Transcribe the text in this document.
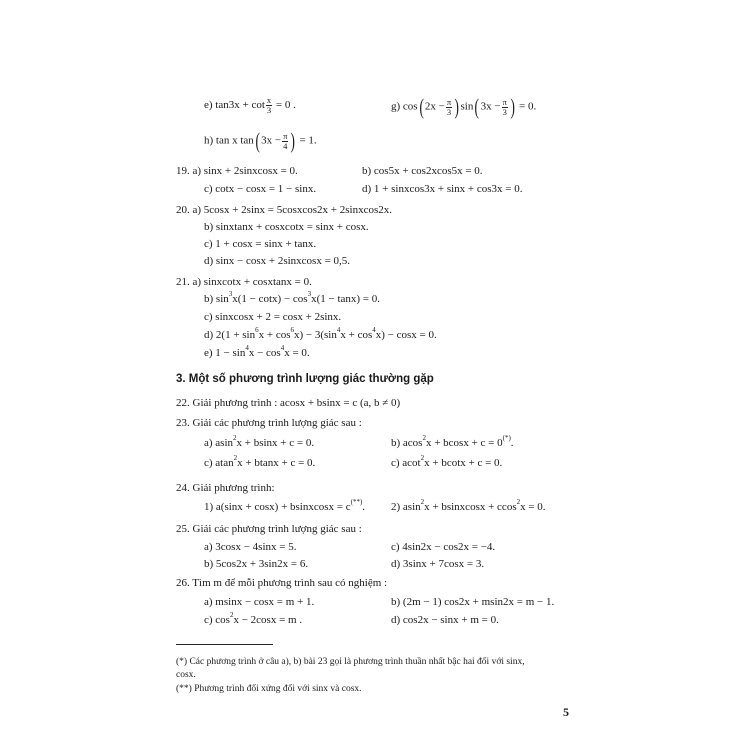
e) $\tan 3x + \cot \frac{x}{3} = 0$ .	g) $\cos(2x - \frac{\pi}{3} )\sin(3x - \frac{\pi}{3}$ ) = 0.
h) tan x $\tan(3x - \frac{\pi}{4}$ ) = 1.
19. a) sinx + 2sinxcosx = 0.	b) cos5x + cos2xcos5x = 0.
c) cotx − cosx = 1 − sinx.	d) 1 + sinxcos3x + sinx + cos3x = 0.
20. a) 5cosx + 2sinx = 5cosxcos2x + 2sinxcos2x.
b) sinxtanx + cosxcotx = sinx + cosx.
c) 1 + cosx = sinx + tanx.
d) sinx − cosx + 2sinxcosx = 0,5.
21. a) sinxcotx + cosxtanx = 0.
b) $\sin^3x(1 - \cot x) - \cos^3x(1 - \tan x) = 0$.
c) sinxcosx + 2 = cosx + 2sinx.
d) $2(1 + \sin^6x + \cos^6x) - 3(\sin^4x + \cos^4x) - \cos x = 0$.
e) $1 - \sin^4x - \cos^4x = 0$.
3. Một số phương trình lượng giác thường gặp
22. Giải phương trình : acosx + bsinx = c (a, b ≠ 0)
23. Giải các phương trình lượng giác sau :
a) asin$^2$x + bsinx + c = 0.	b) acos$^2$x + bcosx + c = 0(*).
c) atan$^2$x + btanx + c = 0.	c) acot$^2$x + bcotx + c = 0.
24. Giải phương trình:
1) a(sinx + cosx) + bsinxcosx = c(**). 2) asin$^2$x + bsinxcosx + ccos$^2$x = 0.
25. Giải các phương trình lượng giác sau :
a) 3cosx − 4sinx = 5.	c) 4sin2x − cos2x = −4.
b) 5cos2x + 3sin2x = 6.	d) 3sinx + 7cosx = 3.
26. Tìm m để mỗi phương trình sau có nghiệm :
a) msinx − cosx = m + 1.	b) (2m − 1) cos2x + msin2x = m − 1.
c) $\cos^2x - 2\cos x = m$ .	d) cos2x − sinx + m = 0.
(*) Các phương trình ở câu a), b) bài 23 gọi là phương trình thuần nhất bậc hai đối với sinx,
cosx.
(**) Phương trình đối xứng đối với sinx và cosx.
5
